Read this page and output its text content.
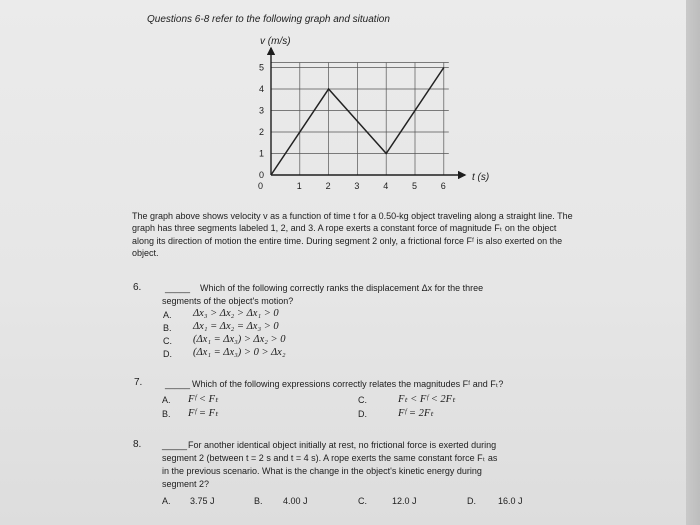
Questions 6-8 refer to the following graph and situation
0	1	2	3	4	5	6
1
2
3
4
5
0
v (m/s)
t (s)
The graph above shows velocity v as a function of time t for a 0.50-kg object traveling along a straight line. The graph has three segments labeled 1, 2, and 3. A rope exerts a constant force of magnitude Fₜ on the object along its direction of motion the entire time. During segment 2 only, a frictional force Fᶠ is also exerted on the object.
6.	_____ Which of the following correctly ranks the displacement Δx for the three
segments of the object's motion?
A. Δx₃ > Δx₂ > Δx₁ > 0
B. Δx₁ = Δx₂ = Δx₃ > 0
C. (Δx₁ = Δx₃) > Δx₂ > 0
D. (Δx₁ = Δx₃) > 0 > Δx₂
7.	_____ Which of the following expressions correctly relates the magnitudes Fᶠ and Fₜ?
A. Fᶠ < Fₜ
B. Fᶠ = Fₜ
C.	Fₜ < Fᶠ < 2Fₜ
D.	Fᶠ = 2Fₜ
8. _____ For another identical object initially at rest, no frictional force is exerted during
segment 2 (between t = 2 s and t = 4 s). A rope exerts the same constant force Fₜ as
in the previous scenario. What is the change in the object's kinetic energy during
segment 2?
A. 3.75 J	B. 4.00 J	C.	12.0 J	D. 16.0 J
